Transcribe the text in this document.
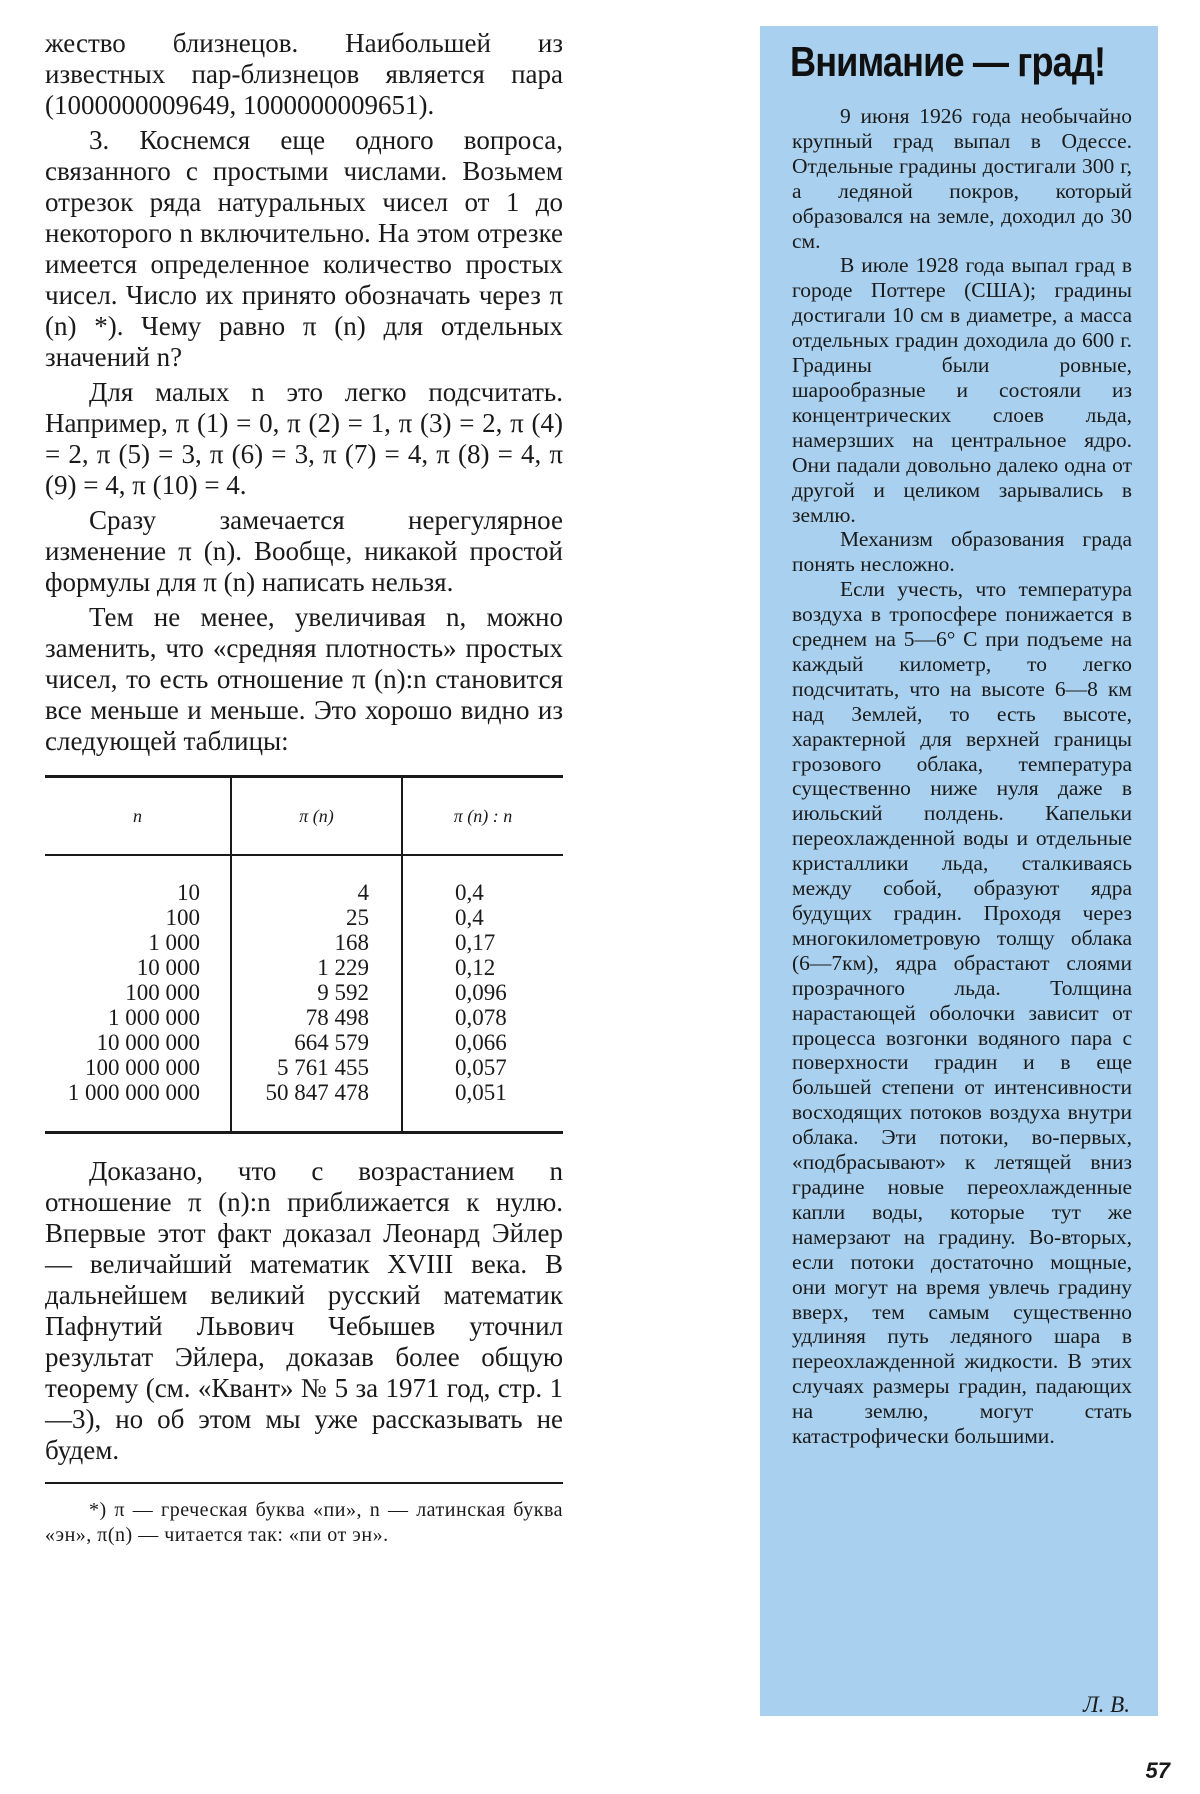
жество близнецов. Наибольшей из известных пар-близнецов является пара (1000000009649, 1000000009651).

3. Коснемся еще одного вопроса, связанного с простыми числами. Возьмем отрезок ряда натуральных чисел от 1 до некоторого n включительно. На этом отрезке имеется определенное количество простых чисел. Число их принято обозначать через π (n) *). Чему равно π (n) для отдельных значений n?

Для малых n это легко подсчитать. Например, π (1) = 0, π (2) = 1, π (3) = 2, π (4) = 2, π (5) = 3, π (6) = 3, π (7) = 4, π (8) = 4, π (9) = 4, π (10) = 4.

Сразу замечается нерегулярное изменение π (n). Вообще, никакой простой формулы для π (n) написать нельзя.

Тем не менее, увеличивая n, можно заменить, что «средняя плотность» простых чисел, то есть отношение π (n):n становится все меньше и меньше. Это хорошо видно из следующей таблицы:

n	π (n)	π (n) : n

10	4	0,4
100	25	0,4
1 000	168	0,17
10 000	1 229	0,12
100 000	9 592	0,096
1 000 000	78 498	0,078
10 000 000	664 579	0,066
100 000 000	5 761 455	0,057
1 000 000 000	50 847 478	0,051

Доказано, что с возрастанием n отношение π (n):n приближается к нулю. Впервые этот факт доказал Леонард Эйлер — величайший математик XVIII века. В дальнейшем великий русский математик Пафнутий Львович Чебышев уточнил результат Эйлера, доказав более общую теорему (см. «Квант» № 5 за 1971 год, стр. 1—3), но об этом мы уже рассказывать не будем.

*) π — греческая буква «пи», n — латинская буква «эн», π(n) — читается так: «пи от эн».

Внимание — град!

9 июня 1926 года необычайно крупный град выпал в Одессе. Отдельные градины достигали 300 г, а ледяной покров, который образовался на земле, доходил до 30 см.

В июле 1928 года выпал град в городе Поттере (США); градины достигали 10 см в диаметре, а масса отдельных градин доходила до 600 г. Градины были ровные, шарообразные и состояли из концентрических слоев льда, намерзших на центральное ядро. Они падали довольно далеко одна от другой и целиком зарывались в землю.

Механизм образования града понять несложно.

Если учесть, что температура воздуха в тропосфере понижается в среднем на 5—6° С при подъеме на каждый километр, то легко подсчитать, что на высоте 6—8 км над Землей, то есть высоте, характерной для верхней границы грозового облака, температура существенно ниже нуля даже в июльский полдень. Капельки переохлажденной воды и отдельные кристаллики льда, сталкиваясь между собой, образуют ядра будущих градин. Проходя через многокилометровую толщу облака (6—7км), ядра обрастают слоями прозрачного льда. Толщина нарастающей оболочки зависит от процесса возгонки водяного пара с поверхности градин и в еще большей степени от интенсивности восходящих потоков воздуха внутри облака. Эти потоки, во-первых, «подбрасывают» к летящей вниз градине новые переохлажденные капли воды, которые тут же намерзают на градину. Во-вторых, если потоки достаточно мощные, они могут на время увлечь градину вверх, тем самым существенно удлиняя путь ледяного шара в переохлажденной жидкости. В этих случаях размеры градин, падающих на землю, могут стать катастрофически большими.

Л. В.

57
